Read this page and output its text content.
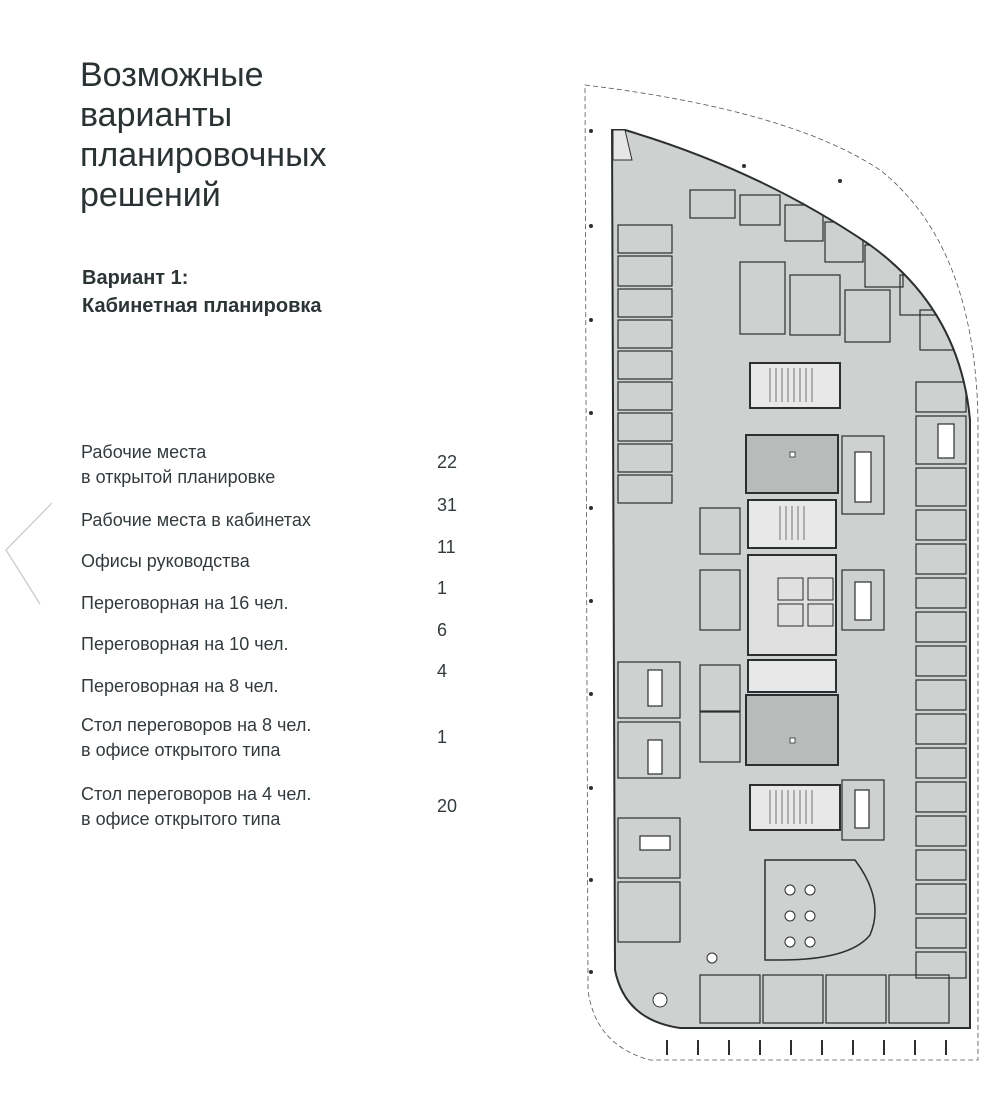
Возможные
варианты
планировочных
решений
Вариант 1:
Кабинетная планировка
Рабочие места
в открытой планировке
22
Рабочие места в кабинетах
31
Офисы руководства
11
Переговорная на 16 чел.
1
Переговорная на 10 чел.
6
Переговорная на 8 чел.
4
Стол переговоров на 8 чел.
в офисе открытого типа
1
Стол переговоров на 4 чел.
в офисе открытого типа
20
